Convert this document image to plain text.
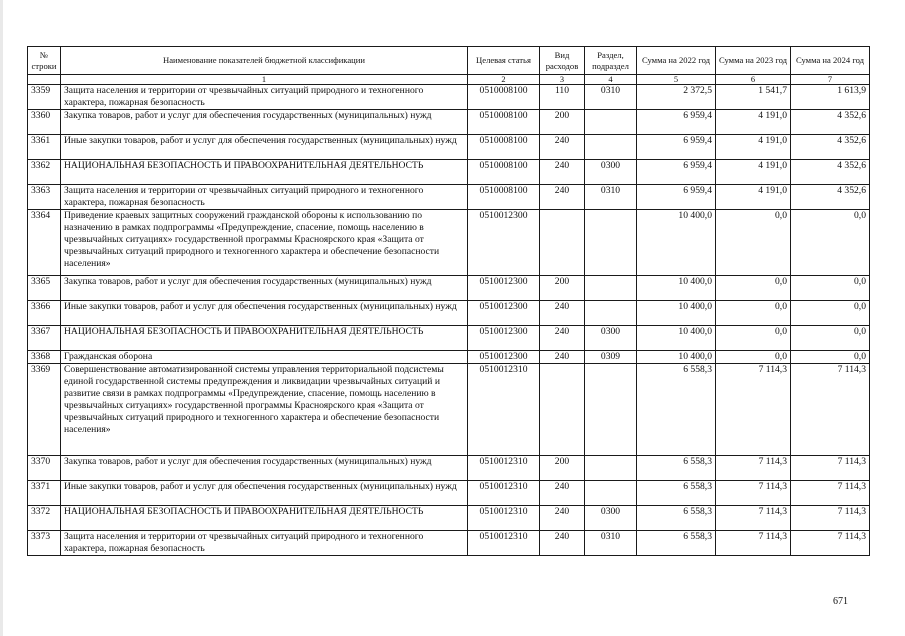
№ строки	Наименование показателей бюджетной классификации	Целевая статья	Вид расходов	Раздел, подраздел	Сумма на 2022 год	Сумма на 2023 год	Сумма на 2024 год
	1	2	3	4	5	6	7
3359	Защита населения и территории от чрезвычайных ситуаций природного и техногенного характера, пожарная безопасность	0510008100	110	0310	2 372,5	1 541,7	1 613,9
3360	Закупка товаров, работ и услуг для обеспечения государственных (муниципальных) нужд	0510008100	200		6 959,4	4 191,0	4 352,6
3361	Иные закупки товаров, работ и услуг для обеспечения государственных (муниципальных) нужд	0510008100	240		6 959,4	4 191,0	4 352,6
3362	НАЦИОНАЛЬНАЯ БЕЗОПАСНОСТЬ И ПРАВООХРАНИТЕЛЬНАЯ ДЕЯТЕЛЬНОСТЬ	0510008100	240	0300	6 959,4	4 191,0	4 352,6
3363	Защита населения и территории от чрезвычайных ситуаций природного и техногенного характера, пожарная безопасность	0510008100	240	0310	6 959,4	4 191,0	4 352,6
3364	Приведение краевых защитных сооружений гражданской обороны к использованию по назначению в рамках подпрограммы «Предупреждение, спасение, помощь населению в чрезвычайных ситуациях» государственной программы Красноярского края «Защита от чрезвычайных ситуаций природного и техногенного характера и обеспечение безопасности населения»	0510012300			10 400,0	0,0	0,0
3365	Закупка товаров, работ и услуг для обеспечения государственных (муниципальных) нужд	0510012300	200		10 400,0	0,0	0,0
3366	Иные закупки товаров, работ и услуг для обеспечения государственных (муниципальных) нужд	0510012300	240		10 400,0	0,0	0,0
3367	НАЦИОНАЛЬНАЯ БЕЗОПАСНОСТЬ И ПРАВООХРАНИТЕЛЬНАЯ ДЕЯТЕЛЬНОСТЬ	0510012300	240	0300	10 400,0	0,0	0,0
3368	Гражданская оборона	0510012300	240	0309	10 400,0	0,0	0,0
3369	Совершенствование автоматизированной системы управления территориальной подсистемы единой государственной системы предупреждения и ликвидации чрезвычайных ситуаций и развитие связи в рамках подпрограммы «Предупреждение, спасение, помощь населению в чрезвычайных ситуациях» государственной программы Красноярского края «Защита от чрезвычайных ситуаций природного и техногенного характера и обеспечение безопасности населения»	0510012310			6 558,3	7 114,3	7 114,3
3370	Закупка товаров, работ и услуг для обеспечения государственных (муниципальных) нужд	0510012310	200		6 558,3	7 114,3	7 114,3
3371	Иные закупки товаров, работ и услуг для обеспечения государственных (муниципальных) нужд	0510012310	240		6 558,3	7 114,3	7 114,3
3372	НАЦИОНАЛЬНАЯ БЕЗОПАСНОСТЬ И ПРАВООХРАНИТЕЛЬНАЯ ДЕЯТЕЛЬНОСТЬ	0510012310	240	0300	6 558,3	7 114,3	7 114,3
3373	Защита населения и территории от чрезвычайных ситуаций природного и техногенного характера, пожарная безопасность	0510012310	240	0310	6 558,3	7 114,3	7 114,3
671
